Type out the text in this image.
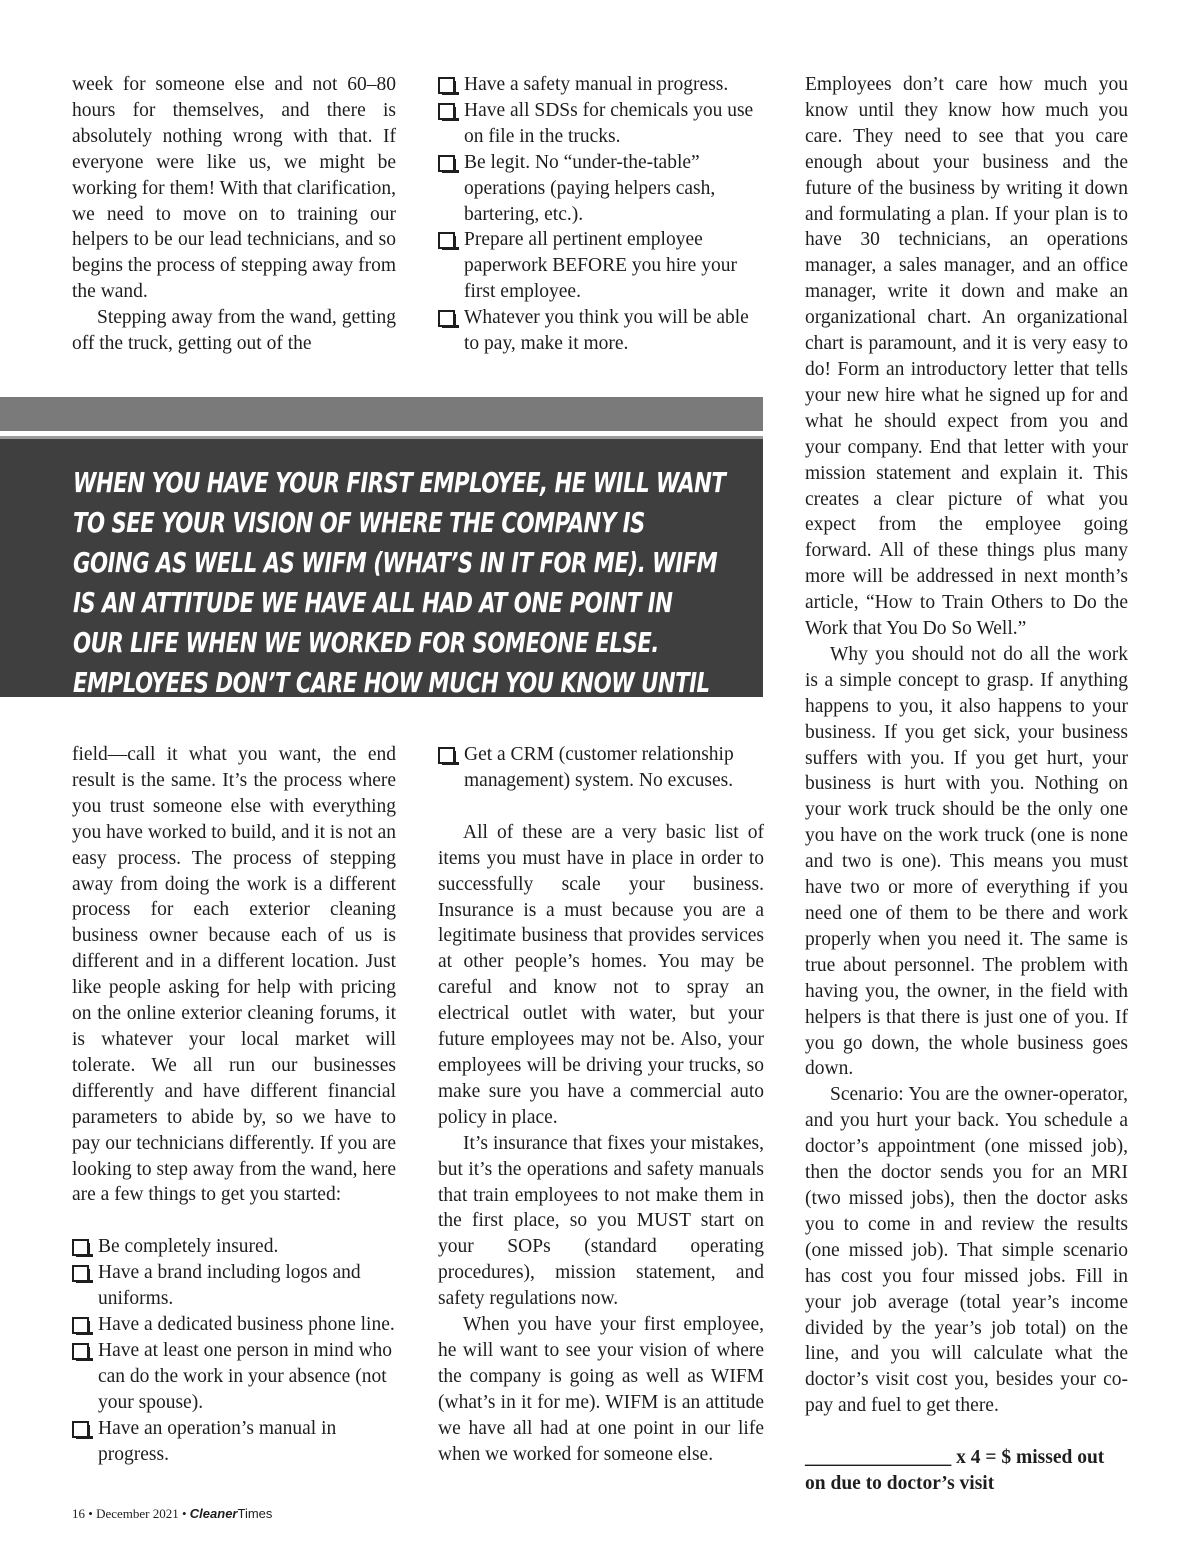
week for someone else and not 60–80 hours for themselves, and there is absolutely nothing wrong with that. If everyone were like us, we might be working for them! With that clarification, we need to move on to training our helpers to be our lead technicians, and so begins the process of stepping away from the wand.

Stepping away from the wand, getting off the truck, getting out of the

Have a safety manual in progress.
Have all SDSs for chemicals you use on file in the trucks.
Be legit. No “under-the-table” operations (paying helpers cash, bartering, etc.).
Prepare all pertinent employee paperwork BEFORE you hire your first employee.
Whatever you think you will be able to pay, make it more.
WHEN YOU HAVE YOUR FIRST EMPLOYEE, HE WILL WANT TO SEE YOUR VISION OF WHERE THE COMPANY IS GOING AS WELL AS WIFM (WHAT’S IN IT FOR ME). WIFM IS AN ATTITUDE WE HAVE ALL HAD AT ONE POINT IN OUR LIFE WHEN WE WORKED FOR SOMEONE ELSE. EMPLOYEES DON’T CARE HOW MUCH YOU KNOW UNTIL THEY KNOW HOW MUCH YOU CARE.

field—call it what you want, the end result is the same. It’s the process where you trust someone else with everything you have worked to build, and it is not an easy process. The process of stepping away from doing the work is a different process for each exterior cleaning business owner because each of us is different and in a different location. Just like people asking for help with pricing on the online exterior cleaning forums, it is whatever your local market will tolerate. We all run our businesses differently and have different financial parameters to abide by, so we have to pay our technicians differently. If you are looking to step away from the wand, here are a few things to get you started:

Be completely insured.
Have a brand including logos and uniforms.
Have a dedicated business phone line.
Have at least one person in mind who can do the work in your absence (not your spouse).
Have an operation’s manual in progress.
Get a CRM (customer relationship management) system. No excuses.

All of these are a very basic list of items you must have in place in order to successfully scale your business. Insurance is a must because you are a legitimate business that provides services at other people’s homes. You may be careful and know not to spray an electrical outlet with water, but your future employees may not be. Also, your employees will be driving your trucks, so make sure you have a commercial auto policy in place.

It’s insurance that fixes your mistakes, but it’s the operations and safety manuals that train employees to not make them in the first place, so you MUST start on your SOPs (standard operating procedures), mission statement, and safety regulations now.

When you have your first employee, he will want to see your vision of where the company is going as well as WIFM (what’s in it for me). WIFM is an attitude we have all had at one point in our life when we worked for someone else.

Employees don’t care how much you know until they know how much you care. They need to see that you care enough about your business and the future of the business by writing it down and formulating a plan. If your plan is to have 30 technicians, an operations manager, a sales manager, and an office manager, write it down and make an organizational chart. An organizational chart is paramount, and it is very easy to do! Form an introductory letter that tells your new hire what he signed up for and what he should expect from you and your company. End that letter with your mission statement and explain it. This creates a clear picture of what you expect from the employee going forward. All of these things plus many more will be addressed in next month’s article, “How to Train Others to Do the Work that You Do So Well.”

Why you should not do all the work is a simple concept to grasp. If anything happens to you, it also happens to your business. If you get sick, your business suffers with you. If you get hurt, your business is hurt with you. Nothing on your work truck should be the only one you have on the work truck (one is none and two is one). This means you must have two or more of everything if you need one of them to be there and work properly when you need it. The same is true about personnel. The problem with having you, the owner, in the field with helpers is that there is just one of you. If you go down, the whole business goes down.

Scenario: You are the owner-operator, and you hurt your back. You schedule a doctor’s appointment (one missed job), then the doctor sends you for an MRI (two missed jobs), then the doctor asks you to come in and review the results (one missed job). That simple scenario has cost you four missed jobs. Fill in your job average (total year’s income divided by the year’s job total) on the line, and you will calculate what the doctor’s visit cost you, besides your co-pay and fuel to get there.

_______________ x 4 = $ missed out on due to doctor’s visit

16 • December 2021 • CleanerTimes
